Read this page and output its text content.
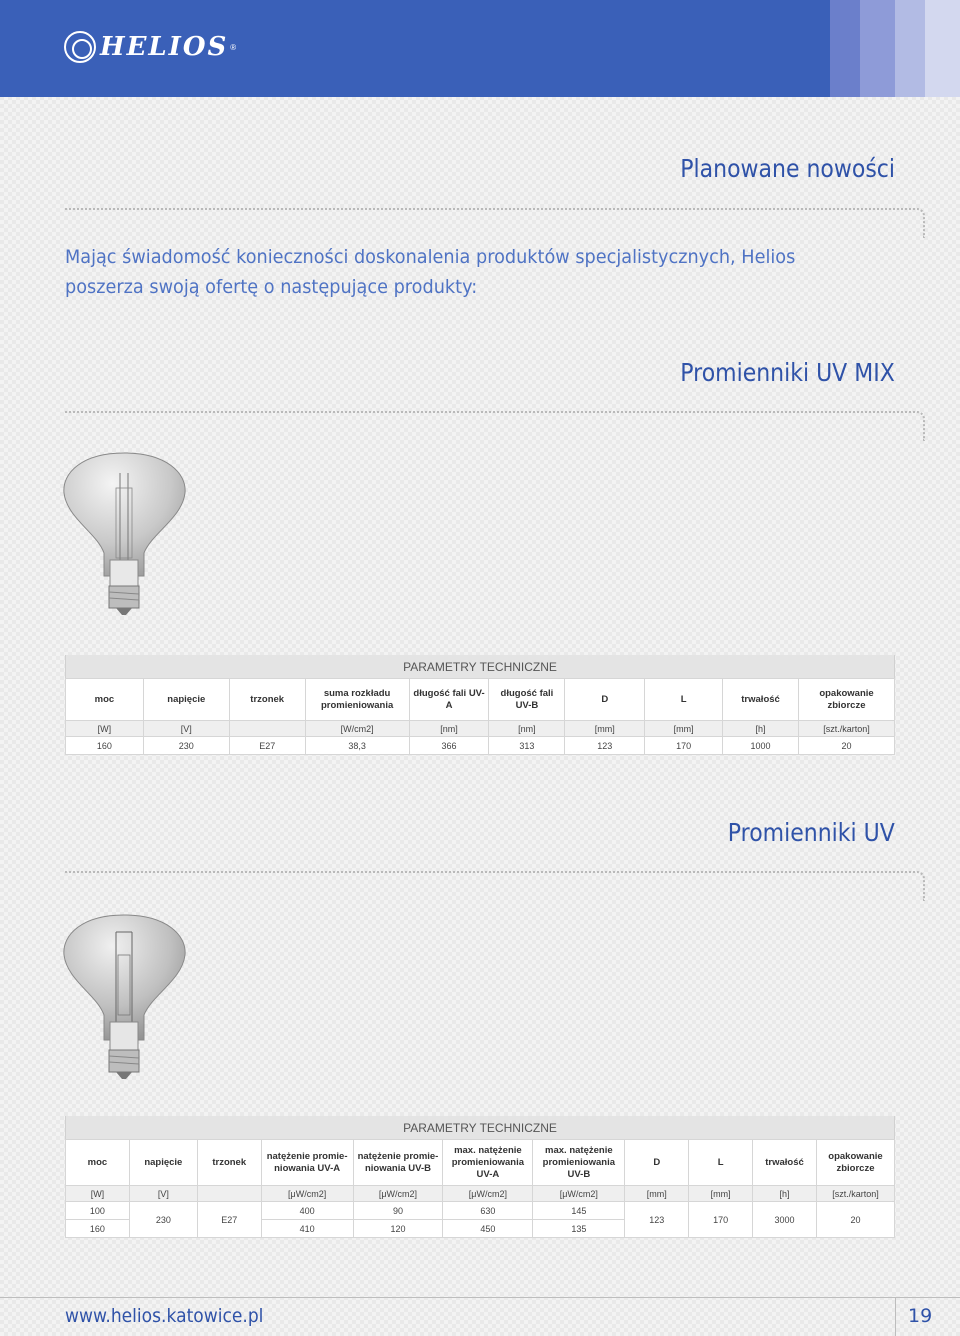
HELIOS ®
Planowane nowości
Mając świadomość konieczności doskonalenia produktów specjalistycznych, Helios poszerza swoją ofertę o następujące produkty:
Promienniki UV MIX
PARAMETRY TECHNICZNE
moc	napięcie	trzonek	suma rozkładu promieniowania	długość fali UV-A	długość fali UV-B	D	L	trwałość	opakowanie zbiorcze
[W]	[V]		[W/cm2]	[nm]	[nm]	[mm]	[mm]	[h]	[szt./karton]
160	230	E27	38,3	366	313	123	170	1000	20
Promienniki UV
PARAMETRY TECHNICZNE
moc	napięcie	trzonek	natężenie promie-niowania UV-A	natężenie promie-niowania UV-B	max. natężenie promieniowania UV-A	max. natężenie promieniowania UV-B	D	L	trwałość	opakowanie zbiorcze
[W]	[V]		[μW/cm2]	[μW/cm2]	[μW/cm2]	[μW/cm2]	[mm]	[mm]	[h]	[szt./karton]
100	230	E27	400	90	630	145	123	170	3000	20
160			410	120	450	135				
www.helios.katowice.pl	19
